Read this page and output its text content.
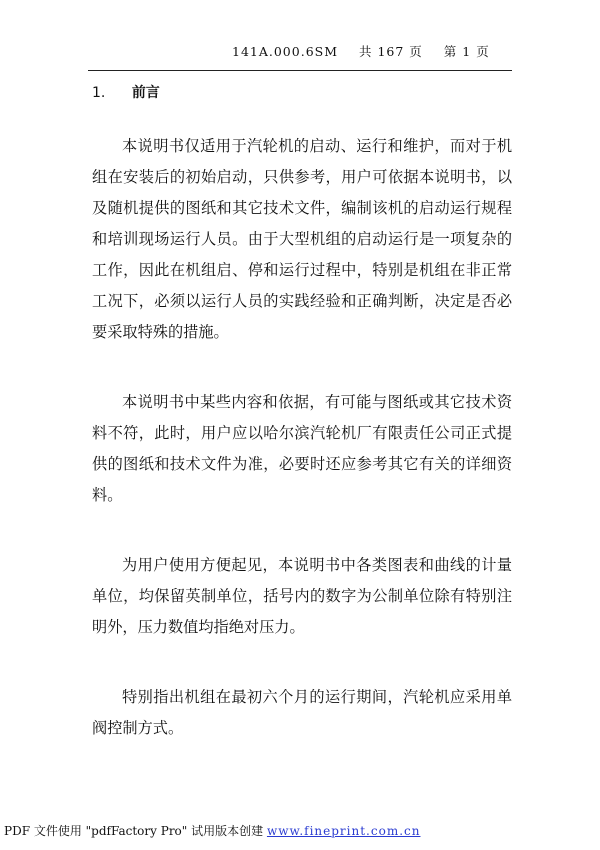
141A.000.6SM 共 167 页 第 1 页
1. 前言

本说明书仅适用于汽轮机的启动、运行和维护，而对于机组在安装后的初始启动，只供参考，用户可依据本说明书，以及随机提供的图纸和其它技术文件，编制该机的启动运行规程和培训现场运行人员。由于大型机组的启动运行是一项复杂的工作，因此在机组启、停和运行过程中，特别是机组在非正常工况下，必须以运行人员的实践经验和正确判断，决定是否必要采取特殊的措施。

本说明书中某些内容和依据，有可能与图纸或其它技术资料不符，此时，用户应以哈尔滨汽轮机厂有限责任公司正式提供的图纸和技术文件为准，必要时还应参考其它有关的详细资料。

为用户使用方便起见，本说明书中各类图表和曲线的计量单位，均保留英制单位，括号内的数字为公制单位除有特别注明外，压力数值均指绝对压力。

特别指出机组在最初六个月的运行期间，汽轮机应采用单阀控制方式。

PDF 文件使用 "pdfFactory Pro" 试用版本创建 www.fineprint.com.cn
